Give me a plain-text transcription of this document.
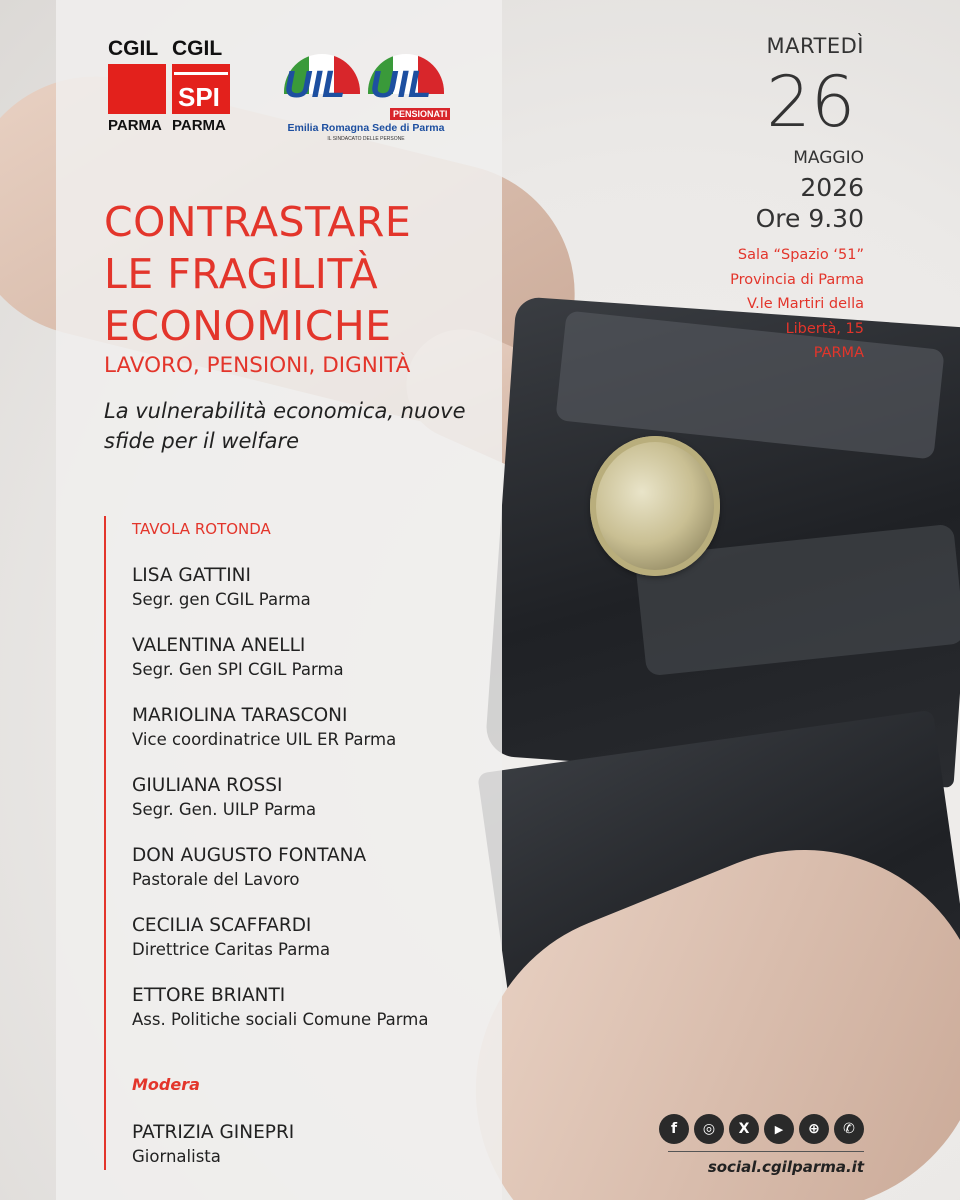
CGIL CGIL
SPI
PARMA PARMA
UIL UIL
PENSIONATI
Emilia Romagna Sede di Parma
IL SINDACATO DELLE PERSONE
CONTRASTARE
LE FRAGILITÀ
ECONOMICHE
LAVORO, PENSIONI, DIGNITÀ
La vulnerabilità economica, nuove sfide per il welfare
TAVOLA ROTONDA
LISA GATTINI
Segr. gen CGIL Parma
VALENTINA ANELLI
Segr. Gen SPI CGIL Parma
MARIOLINA TARASCONI
Vice coordinatrice UIL ER Parma
GIULIANA ROSSI
Segr. Gen. UILP Parma
DON AUGUSTO FONTANA
Pastorale del Lavoro
CECILIA SCAFFARDI
Direttrice Caritas Parma
ETTORE BRIANTI
Ass. Politiche sociali Comune Parma
Modera
PATRIZIA GINEPRI
Giornalista
MARTEDÌ
26
MAGGIO
2026
Ore 9.30
Sala “Spazio ‘51”
Provincia di Parma
V.le Martiri della
Libertà, 15
PARMA
f	◎	X	▶	⊕	✆
social.cgilparma.it
